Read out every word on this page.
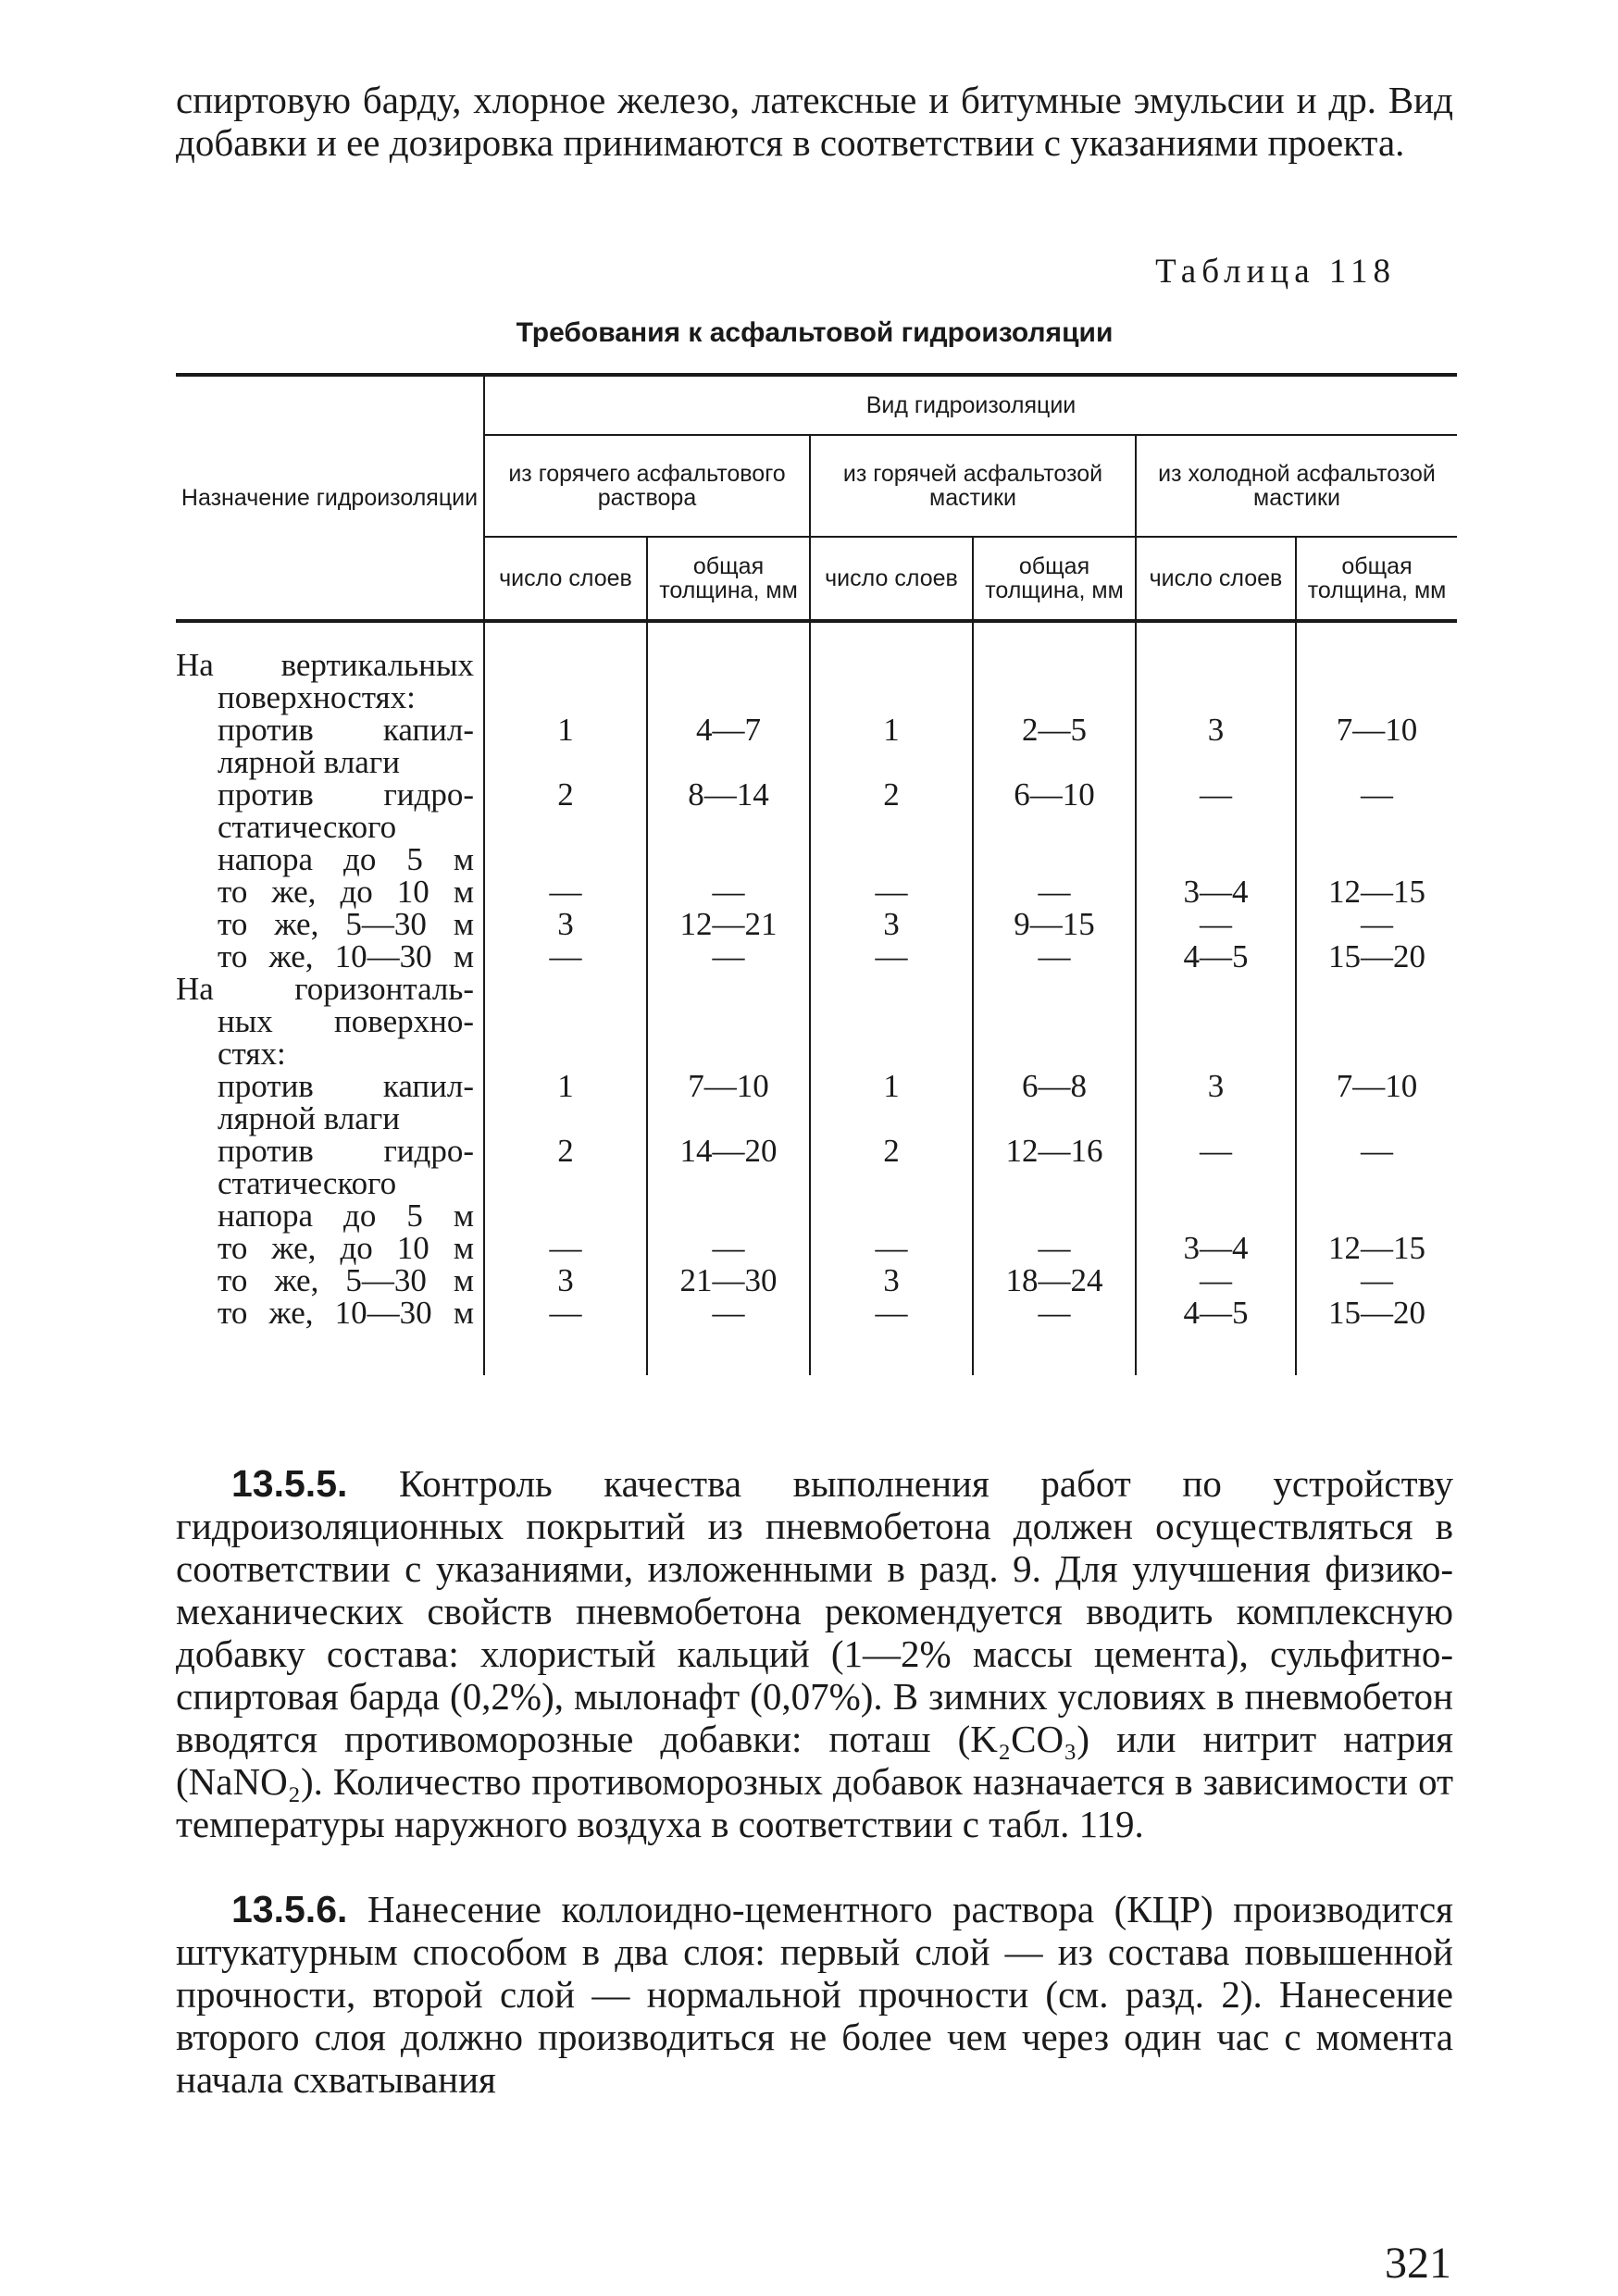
спиртовую барду, хлорное железо, латексные и битумные эмульсии и др. Вид добавки и ее дозировка принимаются в соответствии с указаниями проекта.

Таблица 118
Требования к асфальтовой гидроизоляции
Назначение гидроизоляции	Вид гидроизоляции					
	из горячего асфальтового раствора		из горячей асфальтозой мастики		из холодной асфальтозой мастики	
	число слоев	общая толщина, мм	число слоев	общая толщина, мм	число слоев	общая толщина, мм

На вертикальных						
поверхностях:						
против капил-	1	4—7	1	2—5	3	7—10
лярной влаги						
против гидро-	2	8—14	2	6—10	—	—
статического						
напора до 5 м						
то же, до 10 м	—	—	—	—	3—4	12—15
то же, 5—30 м	3	12—21	3	9—15	—	—
то же, 10—30 м	—	—	—	—	4—5	15—20
На горизонталь-						
ных поверхно-						
стях:						
против капил-	1	7—10	1	6—8	3	7—10
лярной влаги						
против гидро-	2	14—20	2	12—16	—	—
статического						
напора до 5 м						
то же, до 10 м	—	—	—	—	3—4	12—15
то же, 5—30 м	3	21—30	3	18—24	—	—
то же, 10—30 м	—	—	—	—	4—5	15—20

13.5.5. Контроль качества выполнения работ по устройству гидроизоляционных покрытий из пневмобетона должен осуществляться в соответствии с указаниями, изложенными в разд. 9. Для улучшения физико-механических свойств пневмобетона рекомендуется вводить комплексную добавку состава: хлористый кальций (1—2% массы цемента), сульфитно-спиртовая барда (0,2%), мылонафт (0,07%). В зимних условиях в пневмобетон вводятся противоморозные добавки: поташ (K₂CO₃) или нитрит натрия (NaNO₂). Количество противоморозных добавок назначается в зависимости от температуры наружного воздуха в соответствии с табл. 119.

13.5.6. Нанесение коллоидно-цементного раствора (КЦР) производится штукатурным способом в два слоя: первый слой — из состава повышенной прочности, второй слой — нормальной прочности (см. разд. 2). Нанесение второго слоя должно производиться не более чем через один час с момента начала схватывания

321
